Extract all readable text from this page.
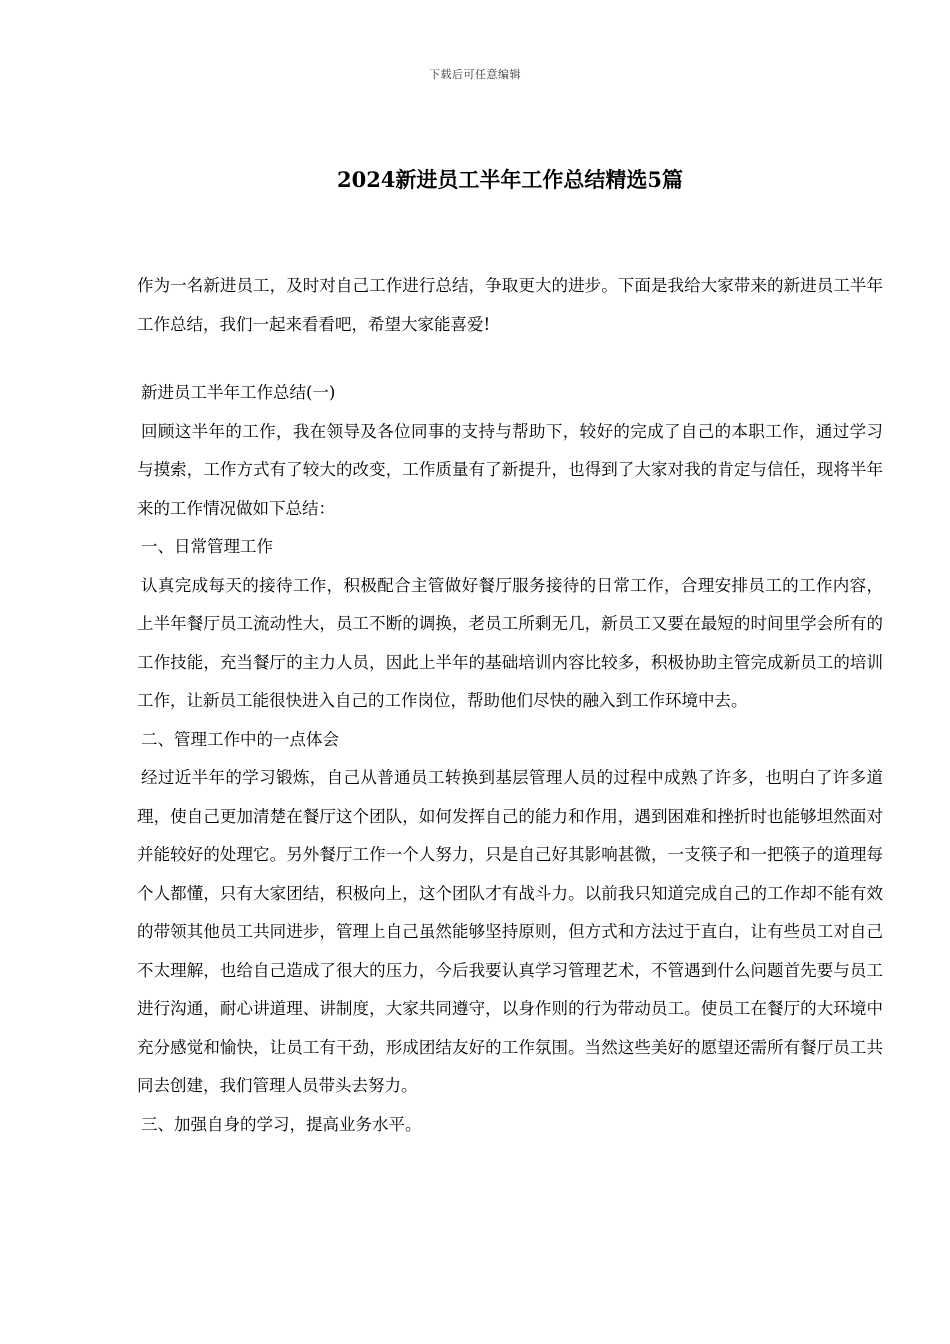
下载后可任意编辑
2024新进员工半年工作总结精选5篇

作为一名新进员工，及时对自己工作进行总结，争取更大的进步。下面是我给大家带来的新进员工半年工作总结，我们一起来看看吧，希望大家能喜爱!

新进员工半年工作总结(一)

回顾这半年的工作，我在领导及各位同事的支持与帮助下，较好的完成了自己的本职工作，通过学习与摸索，工作方式有了较大的改变，工作质量有了新提升，也得到了大家对我的肯定与信任，现将半年来的工作情况做如下总结：

一、日常管理工作

认真完成每天的接待工作，积极配合主管做好餐厅服务接待的日常工作，合理安排员工的工作内容，上半年餐厅员工流动性大，员工不断的调换，老员工所剩无几，新员工又要在最短的时间里学会所有的工作技能，充当餐厅的主力人员，因此上半年的基础培训内容比较多，积极协助主管完成新员工的培训工作，让新员工能很快进入自己的工作岗位，帮助他们尽快的融入到工作环境中去。

二、管理工作中的一点体会

经过近半年的学习锻炼，自己从普通员工转换到基层管理人员的过程中成熟了许多，也明白了许多道理，使自己更加清楚在餐厅这个团队，如何发挥自己的能力和作用，遇到困难和挫折时也能够坦然面对并能较好的处理它。另外餐厅工作一个人努力，只是自己好其影响甚微，一支筷子和一把筷子的道理每个人都懂，只有大家团结，积极向上，这个团队才有战斗力。以前我只知道完成自己的工作却不能有效的带领其他员工共同进步，管理上自己虽然能够坚持原则，但方式和方法过于直白，让有些员工对自己不太理解，也给自己造成了很大的压力，今后我要认真学习管理艺术，不管遇到什么问题首先要与员工进行沟通，耐心讲道理、讲制度，大家共同遵守，以身作则的行为带动员工。使员工在餐厅的大环境中充分感觉和愉快，让员工有干劲，形成团结友好的工作氛围。当然这些美好的愿望还需所有餐厅员工共同去创建，我们管理人员带头去努力。

三、加强自身的学习，提高业务水平。
